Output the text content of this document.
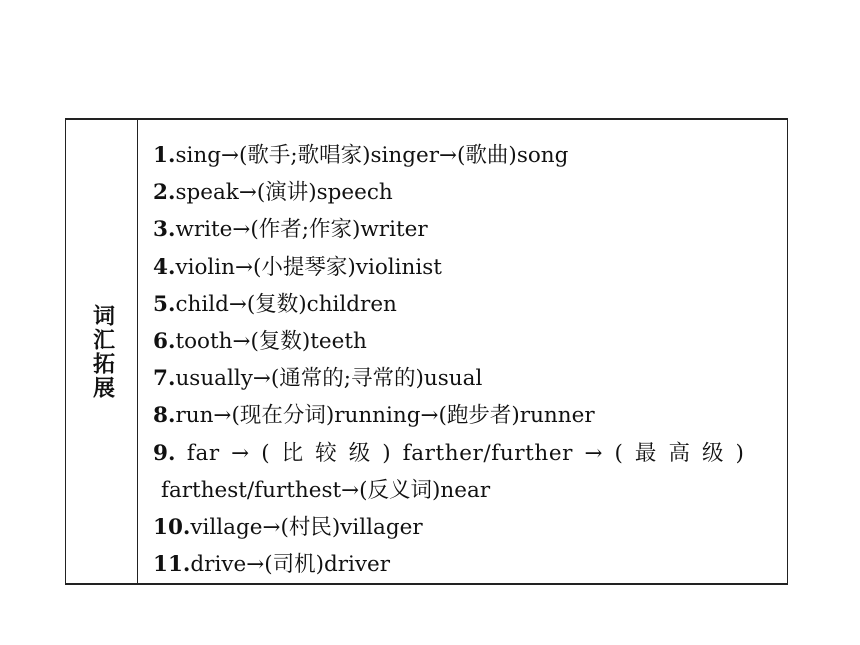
词汇拓展
1.sing→(歌手;歌唱家)singer→(歌曲)song
2.speak→(演讲)speech
3.write→(作者;作家)writer
4.violin→(小提琴家)violinist
5.child→(复数)children
6.tooth→(复数)teeth
7.usually→(通常的;寻常的)usual
8.run→(现在分词)running→(跑步者)runner
9. far → ( 比 较 级 ) farther/further → ( 最 高 级 )
farthest/furthest→(反义词)near
10.village→(村民)villager
11.drive→(司机)driver
